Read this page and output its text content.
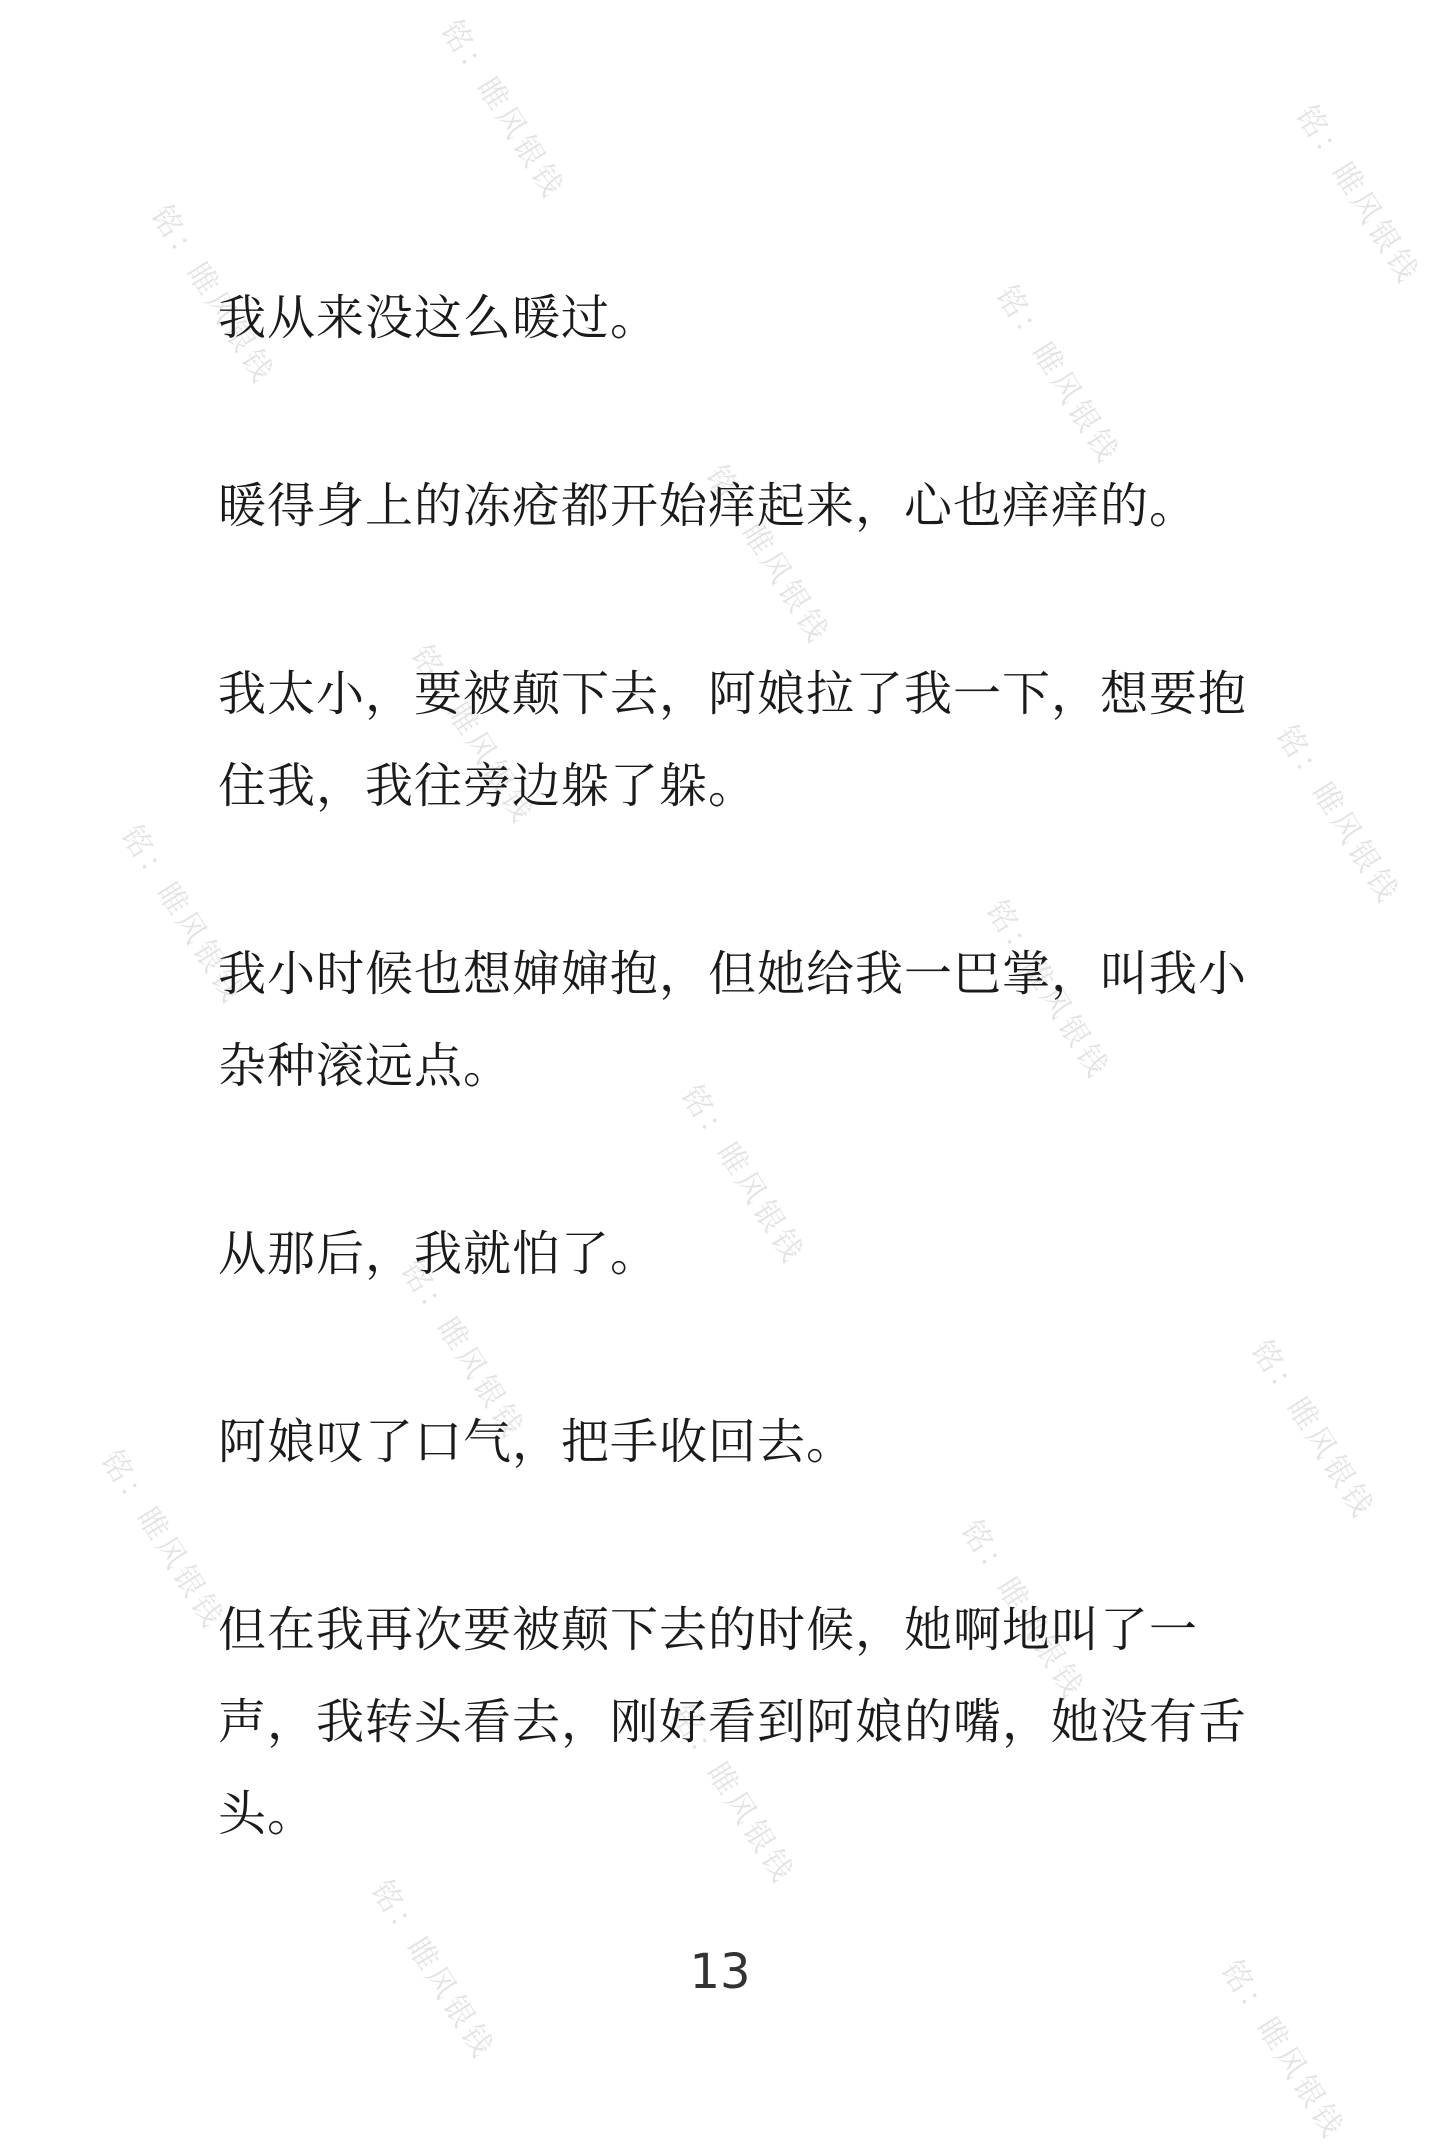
铭：睢风银钱	铭：睢风银钱
铭：睢风银钱	铭：睢风银钱
铭：睢风银钱
铭：睢风银钱	铭：睢风银钱
铭：睢风银钱	铭：睢风银钱
铭：睢风银钱
铭：睢风银钱	铭：睢风银钱
铭：睢风银钱	铭：睢风银钱
铭：睢风银钱
铭：睢风银钱	铭：睢风银钱

我从来没这么暖过。

暖得身上的冻疮都开始痒起来，心也痒痒的。

我太小，要被颠下去，阿娘拉了我一下，想要抱住我，我往旁边躲了躲。

我小时候也想婶婶抱，但她给我一巴掌，叫我小杂种滚远点。

从那后，我就怕了。

阿娘叹了口气，把手收回去。

但在我再次要被颠下去的时候，她啊地叫了一声，我转头看去，刚好看到阿娘的嘴，她没有舌头。

13
